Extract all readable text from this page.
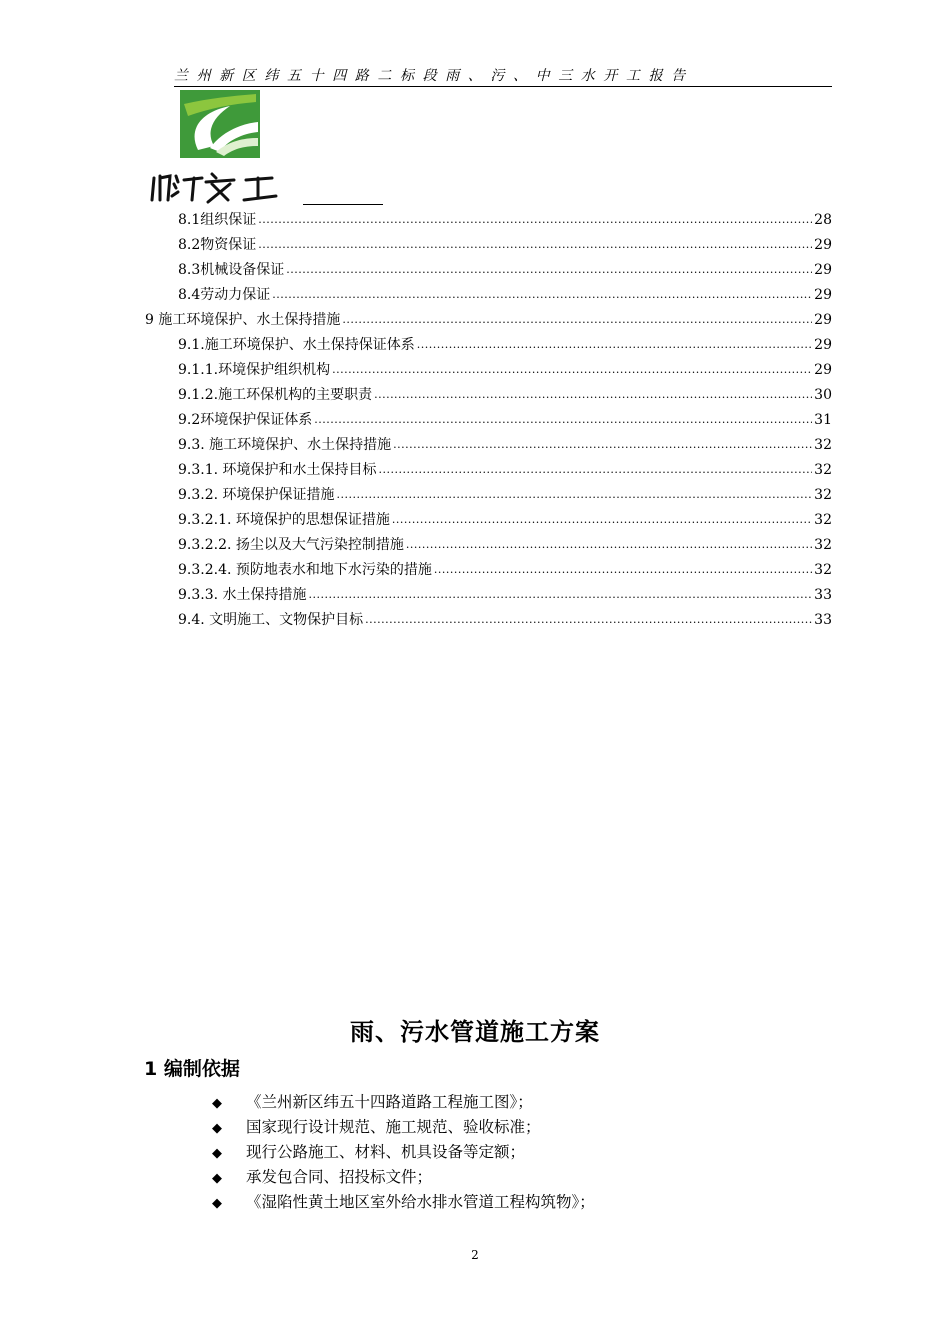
兰州新区纬五十四路二标段雨、污、中三水开工报告
8.1组织保证 .....	28
8.2物资保证 .....	29
8.3机械设备保证 .....	29
8.4劳动力保证 .....	29
9 施工环境保护、水土保持措施 .....	29
9.1.施工环境保护、水土保持保证体系 .....	29
9.1.1.环境保护组织机构 .....	29
9.1.2.施工环保机构的主要职责 .....	30
9.2环境保护保证体系 .....	31
9.3. 施工环境保护、水土保持措施 .....	32
9.3.1. 环境保护和水土保持目标 .....	32
9.3.2. 环境保护保证措施 .....	32
9.3.2.1. 环境保护的思想保证措施 .....	32
9.3.2.2. 扬尘以及大气污染控制措施 .....	32
9.3.2.4. 预防地表水和地下水污染的措施 .....	32
9.3.3. 水土保持措施 .....	33
9.4. 文明施工、文物保护目标 .....	33
雨、污水管道施工方案
1 编制依据
◆ 《兰州新区纬五十四路道路工程施工图》；
◆ 国家现行设计规范、施工规范、验收标准；
◆ 现行公路施工、材料、机具设备等定额；
◆ 承发包合同、招投标文件；
◆ 《湿陷性黄土地区室外给水排水管道工程构筑物》；
2
